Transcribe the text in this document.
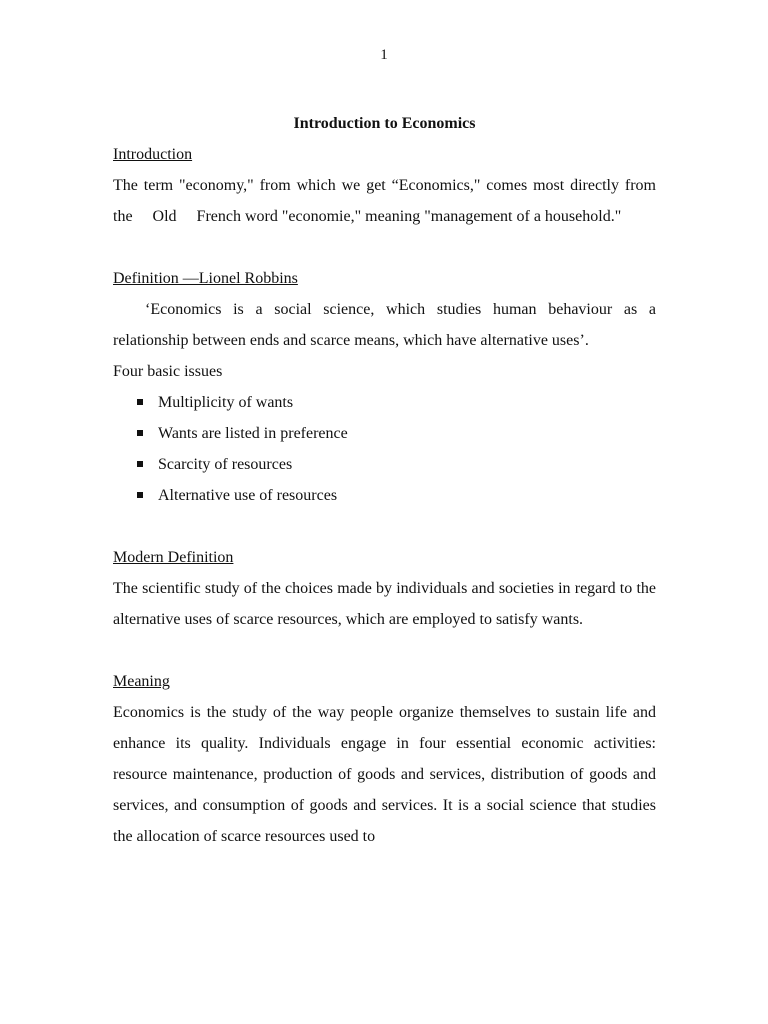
1

Introduction to Economics

Introduction

The term "economy," from which we get “Economics," comes most directly from the     Old     French word "economie," meaning "management of a household."

Definition —Lionel Robbins

‘Economics is a social science, which studies human behaviour as a relationship between ends and scarce means, which have alternative uses’.

Four basic issues

Multiplicity of wants
Wants are listed in preference
Scarcity of resources
Alternative use of resources

Modern Definition

The scientific study of the choices made by individuals and societies in regard to the alternative uses of scarce resources, which are employed to satisfy wants.

Meaning

Economics is the study of the way people organize themselves to sustain life and enhance its quality. Individuals engage in four essential economic activities: resource maintenance, production of goods and services, distribution of goods and services, and consumption of goods and services. It is a social science that studies the allocation of scarce resources used to
